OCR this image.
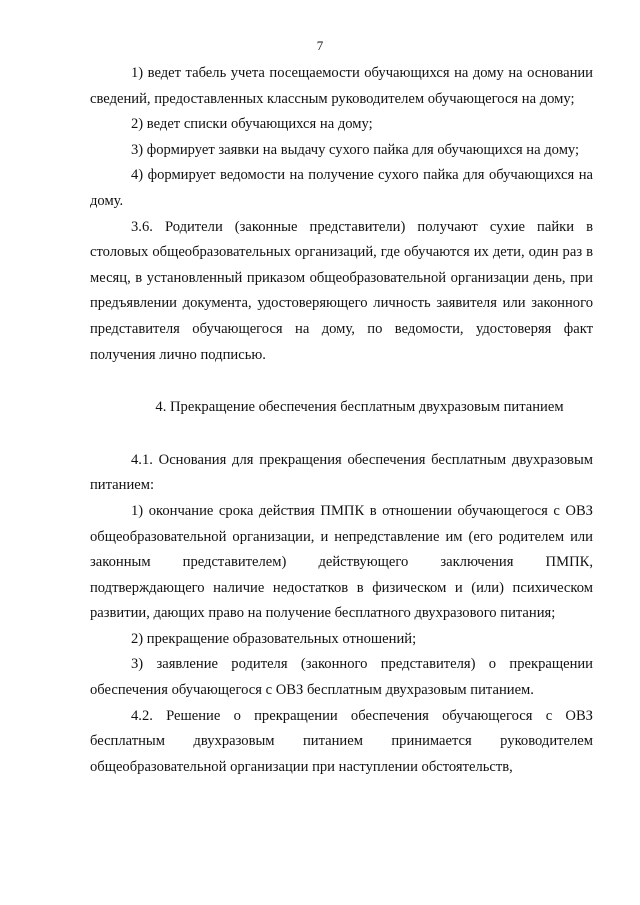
7

1) ведет табель учета посещаемости обучающихся на дому на основании сведений, предоставленных классным руководителем обучающегося на дому;

2) ведет списки обучающихся на дому;

3) формирует заявки на выдачу сухого пайка для обучающихся на дому;

4) формирует ведомости на получение сухого пайка для обучающихся на дому.

3.6. Родители (законные представители) получают сухие пайки в столовых общеобразовательных организаций, где обучаются их дети, один раз в месяц, в установленный приказом общеобразовательной организации день, при предъявлении документа, удостоверяющего личность заявителя или законного представителя обучающегося на дому, по ведомости, удостоверяя факт получения лично подписью.

4. Прекращение обеспечения бесплатным двухразовым питанием

4.1. Основания для прекращения обеспечения бесплатным двухразовым питанием:

1) окончание срока действия ПМПК в отношении обучающегося с ОВЗ общеобразовательной организации, и непредставление им (его родителем или законным представителем) действующего заключения ПМПК, подтверждающего наличие недостатков в физическом и (или) психическом развитии, дающих право на получение бесплатного двухразового питания;

2) прекращение образовательных отношений;

3) заявление родителя (законного представителя) о прекращении обеспечения обучающегося с ОВЗ бесплатным двухразовым питанием.

4.2. Решение о прекращении обеспечения обучающегося с ОВЗ бесплатным двухразовым питанием принимается руководителем общеобразовательной организации при наступлении обстоятельств,
